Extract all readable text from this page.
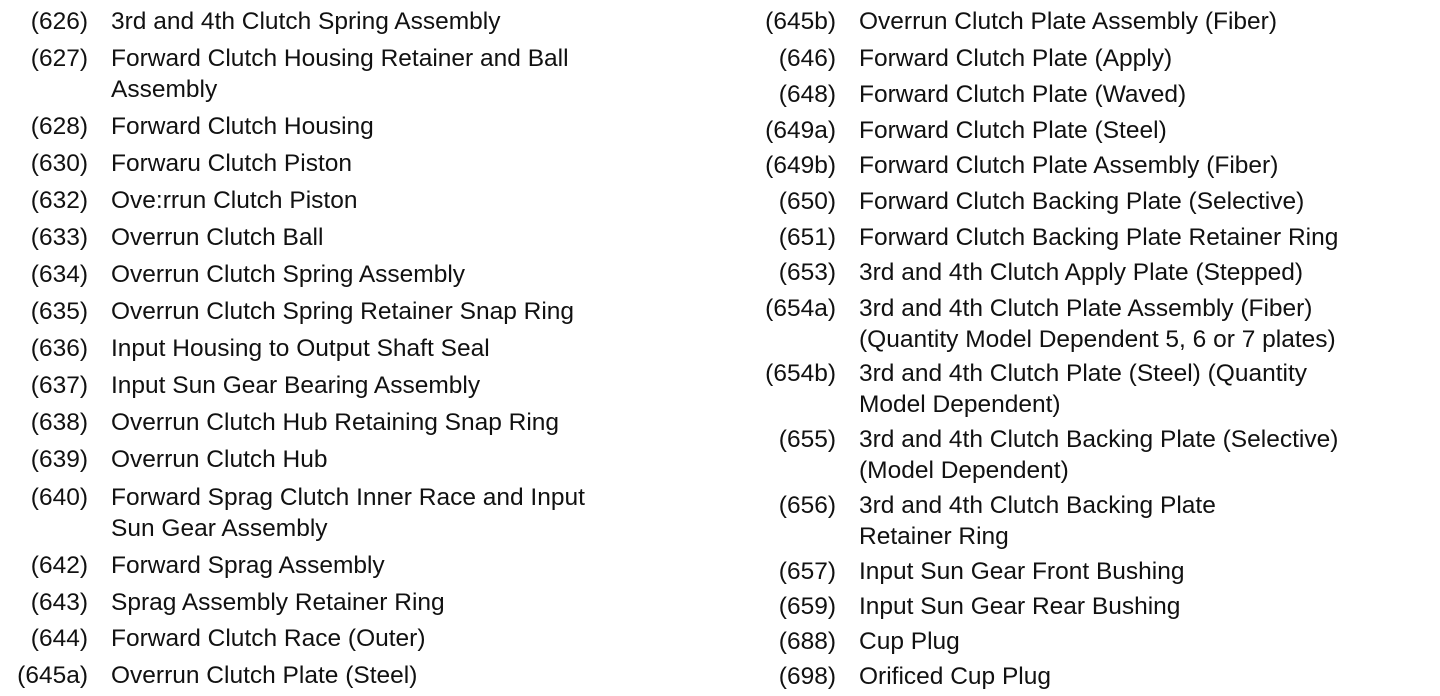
(626) 3rd and 4th Clutch Spring Assembly
(627) Forward Clutch Housing Retainer and Ball
Assembly
(628) Forward Clutch Housing
(630) Forwaru Clutch Piston
(632) Ove:rrun Clutch Piston
(633) Overrun Clutch Ball
(634) Overrun Clutch Spring Assembly
(635) Overrun Clutch Spring Retainer Snap Ring
(636) Input Housing to Output Shaft Seal
(637) Input Sun Gear Bearing Assembly
(638) Overrun Clutch Hub Retaining Snap Ring
(639) Overrun Clutch Hub
(640) Forward Sprag Clutch Inner Race and Input
Sun Gear Assembly
(642) Forward Sprag Assembly
(643) Sprag Assembly Retainer Ring
(644) Forward Clutch Race (Outer)
(645a) Overrun Clutch Plate (Steel)
(645b) Overrun Clutch Plate Assembly (Fiber)
(646) Forward Clutch Plate (Apply)
(648) Forward Clutch Plate (Waved)
(649a) Forward Clutch Plate (Steel)
(649b) Forward Clutch Plate Assembly (Fiber)
(650) Forward Clutch Backing Plate (Selective)
(651) Forward Clutch Backing Plate Retainer Ring
(653) 3rd and 4th Clutch Apply Plate (Stepped)
(654a) 3rd and 4th Clutch Plate Assembly (Fiber)
(Quantity Model Dependent 5, 6 or 7 plates)
(654b) 3rd and 4th Clutch Plate (Steel) (Quantity
Model Dependent)
(655) 3rd and 4th Clutch Backing Plate (Selective)
(Model Dependent)
(656) 3rd and 4th Clutch Backing Plate
Retainer Ring
(657) Input Sun Gear Front Bushing
(659) Input Sun Gear Rear Bushing
(688) Cup Plug
(698) Orificed Cup Plug
